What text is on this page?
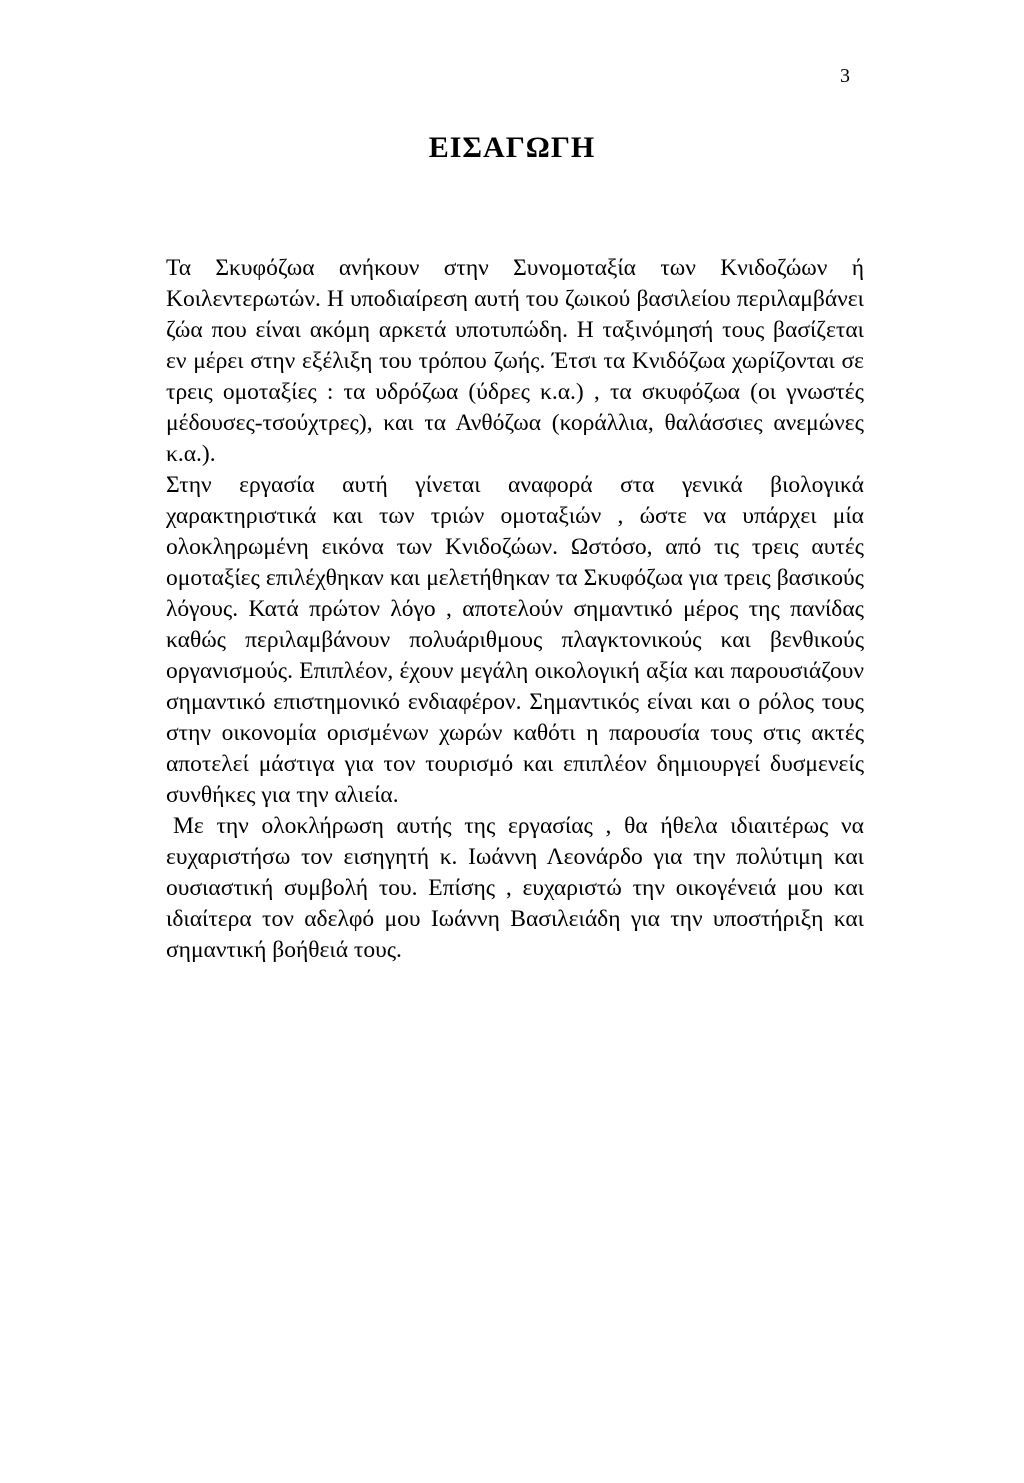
3
ΕΙΣΑΓΩΓΗ

Τα Σκυφόζωα ανήκουν στην Συνομοταξία των Κνιδοζώων ή Κοιλεντερωτών. Η υποδιαίρεση αυτή του ζωικού βασιλείου περιλαμβάνει ζώα που είναι ακόμη αρκετά υποτυπώδη. Η ταξινόμησή τους βασίζεται εν μέρει στην εξέλιξη του τρόπου ζωής. Έτσι τα Κνιδόζωα χωρίζονται σε τρεις ομοταξίες : τα υδρόζωα (ύδρες κ.α.) , τα σκυφόζωα (οι γνωστές μέδουσες-τσούχτρες), και τα Ανθόζωα (κοράλλια, θαλάσσιες ανεμώνες κ.α.).

Στην εργασία αυτή γίνεται αναφορά στα γενικά βιολογικά χαρακτηριστικά και των τριών ομοταξιών , ώστε να υπάρχει μία ολοκληρωμένη εικόνα των Κνιδοζώων. Ωστόσο, από τις τρεις αυτές ομοταξίες επιλέχθηκαν και μελετήθηκαν τα Σκυφόζωα για τρεις βασικούς λόγους. Κατά πρώτον λόγο , αποτελούν σημαντικό μέρος της πανίδας καθώς περιλαμβάνουν πολυάριθμους πλαγκτονικούς και βενθικούς οργανισμούς. Επιπλέον, έχουν μεγάλη οικολογική αξία και παρουσιάζουν σημαντικό επιστημονικό ενδιαφέρον. Σημαντικός είναι και ο ρόλος τους στην οικονομία ορισμένων χωρών καθότι η παρουσία τους στις ακτές αποτελεί μάστιγα για τον τουρισμό και επιπλέον δημιουργεί δυσμενείς συνθήκες για την αλιεία.

Με την ολοκλήρωση αυτής της εργασίας , θα ήθελα ιδιαιτέρως να ευχαριστήσω τον εισηγητή κ. Ιωάννη Λεονάρδο για την πολύτιμη και ουσιαστική συμβολή του. Επίσης , ευχαριστώ την οικογένειά μου και ιδιαίτερα τον αδελφό μου Ιωάννη Βασιλειάδη για την υποστήριξη και σημαντική βοήθειά τους.
